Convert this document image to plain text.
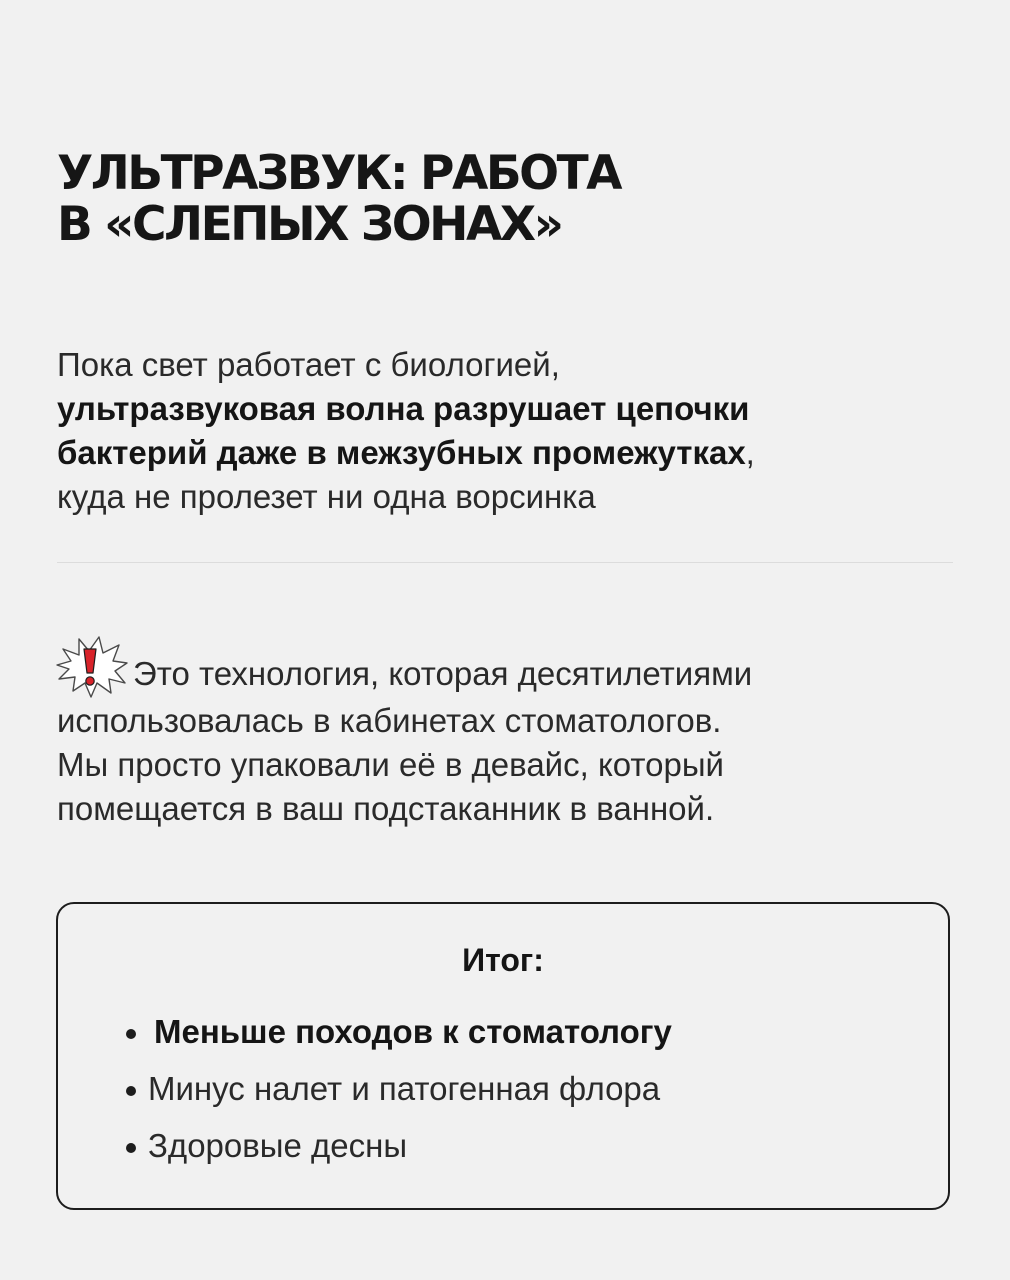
УЛЬТРАЗВУК: РАБОТА
В «СЛЕПЫХ ЗОНАХ»

Пока свет работает с биологией,
ультразвуковая волна разрушает цепочки
бактерий даже в межзубных промежутках,
куда не пролезет ни одна ворсинка

Это технология, которая десятилетиями
использовалась в кабинетах стоматологов.
Мы просто упаковали её в девайс, который
помещается в ваш подстаканник в ванной.

Итог:

Меньше походов к стоматологу
Минус налет и патогенная флора
Здоровые десны
